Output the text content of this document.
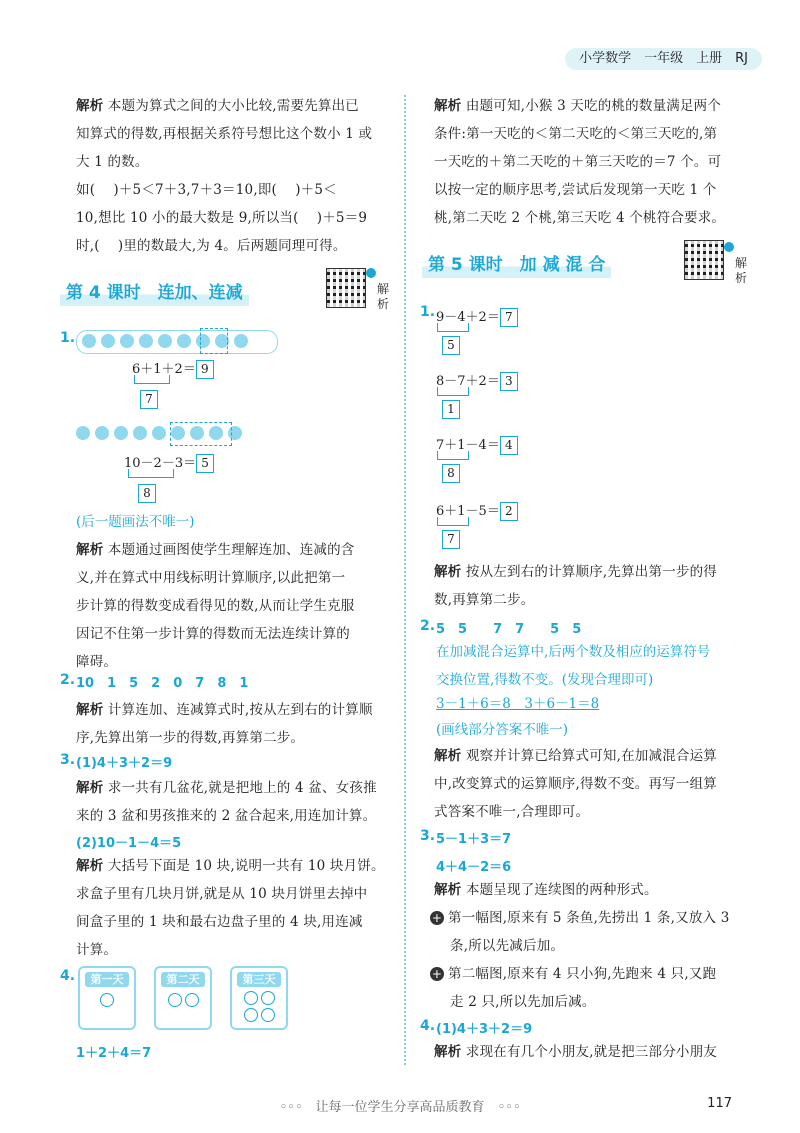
小学数学　一年级　上册　RJ
解析 本题为算式之间的大小比较,需要先算出已
知算式的得数,再根据关系符号想比这个数小 1 或
大 1 的数。
如(　 )＋5＜7＋3,7＋3＝10,即(　 )＋5＜
10,想比 10 小的最大数是 9,所以当(　 )＋5＝9
时,(　 )里的数最大,为 4。后两题同理可得。
第 4 课时　连加、连减	解
析
1.
6＋1＋2＝ 9
7
10－2－3＝ 5
8
(后一题画法不唯一)
解析 本题通过画图使学生理解连加、连减的含
义,并在算式中用线标明计算顺序,以此把第一
步计算的得数变成看得见的数,从而让学生克服
因记不住第一步计算的得数而无法连续计算的
障碍。
2. 10　1　5　2　0　7　8　1
解析 计算连加、连减算式时,按从左到右的计算顺
序,先算出第一步的得数,再算第二步。
3. (1)4＋3＋2＝9
解析 求一共有几盆花,就是把地上的 4 盆、女孩推
来的 3 盆和男孩推来的 2 盆合起来,用连加计算。
(2)10－1－4＝5
解析 大括号下面是 10 块,说明一共有 10 块月饼。
求盒子里有几块月饼,就是从 10 块月饼里去掉中
间盒子里的 1 块和最右边盘子里的 4 块,用连减
计算。
4.	第一天	第二天	第三天
1＋2＋4＝7
解析 由题可知,小猴 3 天吃的桃的数量满足两个
条件:第一天吃的＜第二天吃的＜第三天吃的,第
一天吃的＋第二天吃的＋第三天吃的＝7 个。可
以按一定的顺序思考,尝试后发现第一天吃 1 个
桃,第二天吃 2 个桃,第三天吃 4 个桃符合要求。
第 5 课时　加 减 混 合	解
析
1. 9－4＋2＝ 7
5
8－7＋2＝ 3
1
7＋1－4＝ 4
8
6＋1－5＝ 2
7
解析 按从左到右的计算顺序,先算出第一步的得
数,再算第二步。
2. 5　5　　7　7　　5　5
在加减混合运算中,后两个数及相应的运算符号
交换位置,得数不变。(发现合理即可)
3－1＋6＝8　3＋6－1＝8
(画线部分答案不唯一)
解析 观察并计算已给算式可知,在加减混合运算
中,改变算式的运算顺序,得数不变。再写一组算
式答案不唯一,合理即可。
3. 5－1＋3＝7
4＋4－2＝6
解析 本题呈现了连续图的两种形式。
+ 第一幅图,原来有 5 条鱼,先捞出 1 条,又放入 3
条,所以先减后加。
+ 第二幅图,原来有 4 只小狗,先跑来 4 只,又跑
走 2 只,所以先加后减。
4. (1)4＋3＋2＝9
解析 求现在有几个小朋友,就是把三部分小朋友
◦◦◦　让每一位学生分享高品质教育　◦◦◦	117
